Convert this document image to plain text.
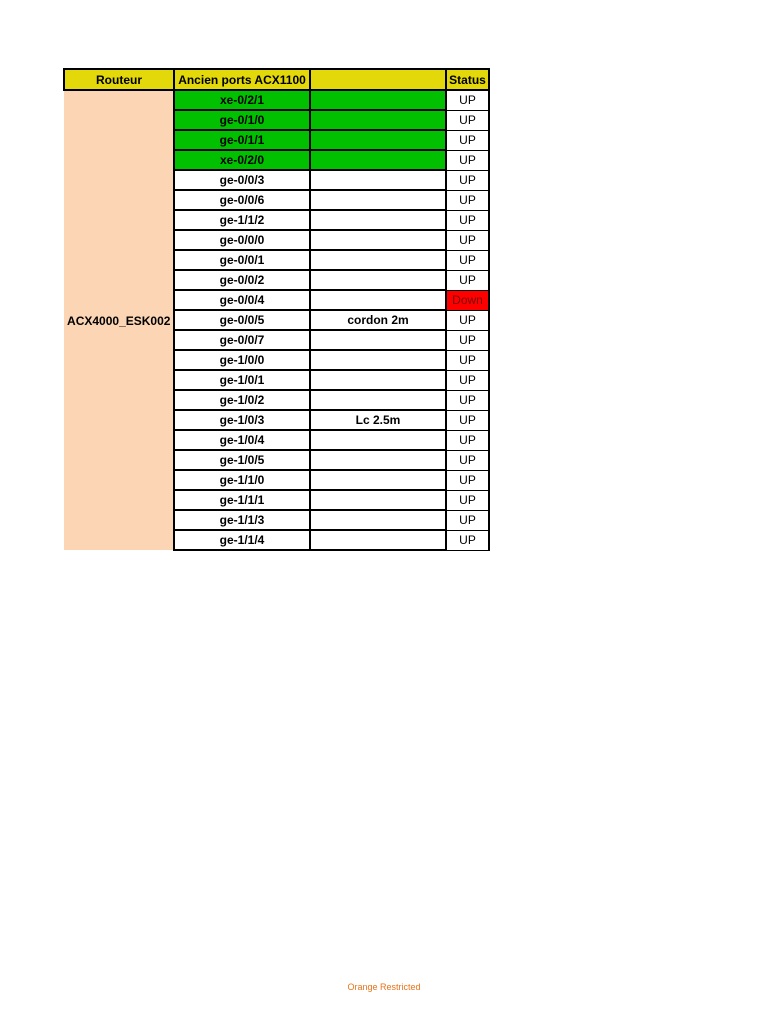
Routeur	Ancien ports ACX1100		Status
ACX4000_ESK002	xe-0/2/1		UP
	ge-0/1/0		UP
	ge-0/1/1		UP
	xe-0/2/0		UP
	ge-0/0/3		UP
	ge-0/0/6		UP
	ge-1/1/2		UP
	ge-0/0/0		UP
	ge-0/0/1		UP
	ge-0/0/2		UP
	ge-0/0/4		Down
	ge-0/0/5	cordon 2m	UP
	ge-0/0/7		UP
	ge-1/0/0		UP
	ge-1/0/1		UP
	ge-1/0/2		UP
	ge-1/0/3	Lc 2.5m	UP
	ge-1/0/4		UP
	ge-1/0/5		UP
	ge-1/1/0		UP
	ge-1/1/1		UP
	ge-1/1/3		UP
	ge-1/1/4		UP
Orange Restricted
